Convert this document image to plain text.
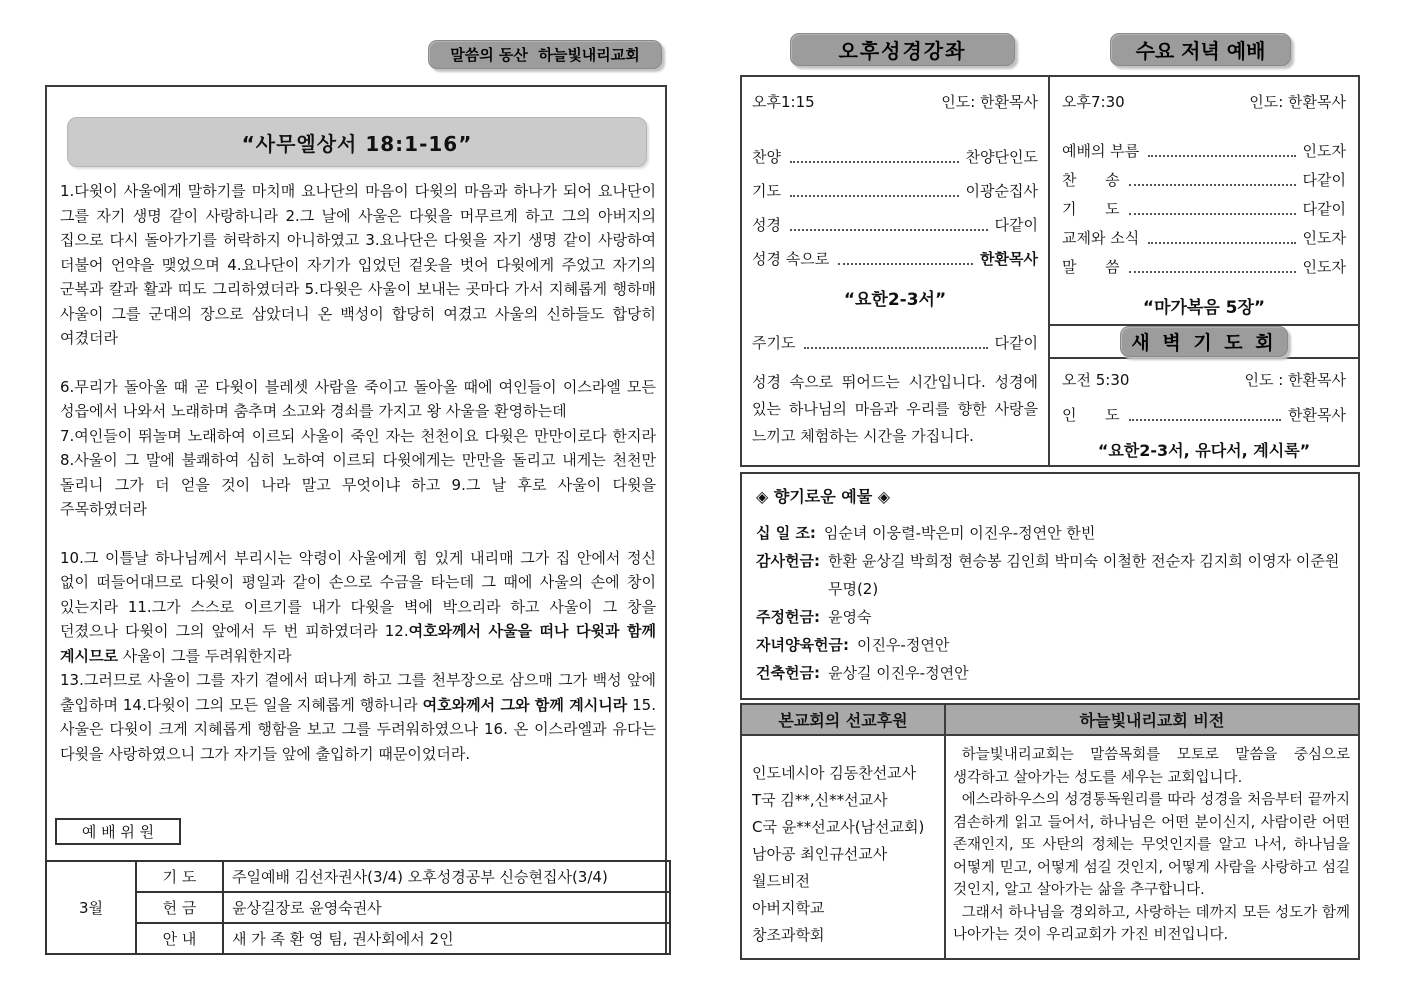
말씀의 동산  하늘빛내리교회
“사무엘상서 18:1-16”

1.다윗이 사울에게 말하기를 마치매 요나단의 마음이 다윗의 마음과 하나가 되어 요나단이 그를 자기 생명 같이 사랑하니라 2.그 날에 사울은 다윗을 머무르게 하고 그의 아버지의 집으로 다시 돌아가기를 허락하지 아니하였고 3.요나단은 다윗을 자기 생명 같이 사랑하여 더불어 언약을 맺었으며 4.요나단이 자기가 입었던 겉옷을 벗어 다윗에게 주었고 자기의 군복과 칼과 활과 띠도 그리하였더라 5.다윗은 사울이 보내는 곳마다 가서 지혜롭게 행하매 사울이 그를 군대의 장으로 삼았더니 온 백성이 합당히 여겼고 사울의 신하들도 합당히 여겼더라

6.무리가 돌아올 때 곧 다윗이 블레셋 사람을 죽이고 돌아올 때에 여인들이 이스라엘 모든 성읍에서 나와서 노래하며 춤추며 소고와 경쇠를 가지고 왕 사울을 환영하는데

7.여인들이 뛰놀며 노래하여 이르되 사울이 죽인 자는 천천이요 다윗은 만만이로다 한지라 8.사울이 그 말에 불쾌하여 심히 노하여 이르되 다윗에게는 만만을 돌리고 내게는 천천만 돌리니 그가 더 얻을 것이 나라 말고 무엇이냐 하고 9.그 날 후로 사울이 다윗을 주목하였더라

10.그 이틀날 하나님께서 부리시는 악령이 사울에게 힘 있게 내리매 그가 집 안에서 정신 없이 떠들어대므로 다윗이 평일과 같이 손으로 수금을 타는데 그 때에 사울의 손에 창이 있는지라 11.그가 스스로 이르기를 내가 다윗을 벽에 박으리라 하고 사울이 그 창을 던졌으나 다윗이 그의 앞에서 두 번 피하였더라 12.여호와께서 사울을 떠나 다윗과 함께 계시므로 사울이 그를 두려워한지라

13.그러므로 사울이 그를 자기 곁에서 떠나게 하고 그를 천부장으로 삼으매 그가 백성 앞에 출입하며 14.다윗이 그의 모든 일을 지혜롭게 행하니라 여호와께서 그와 함께 계시니라 15.사울은 다윗이 크게 지혜롭게 행함을 보고 그를 두려워하였으나 16. 온 이스라엘과 유다는 다윗을 사랑하였으니 그가 자기들 앞에 출입하기 때문이었더라.

예 배 위 원
3월	기 도	주일예배 김선자권사(3/4) 오후성경공부 신승현집사(3/4)
	헌 금	윤상길장로 윤영숙권사
	안 내	새 가 족 환 영 팀, 권사회에서 2인
오후성경강좌	수요 저녁 예배
오후1:15	인도: 한환목사
찬양	찬양단인도
기도	이광순집사
성경	다같이
성경 속으로	한환목사
“요한2-3서”
주기도	다같이
성경 속으로 뛰어드는 시간입니다. 성경에 있는 하나님의 마음과 우리를 향한 사랑을 느끼고 체험하는 시간을 가집니다.
오후7:30	인도: 한환목사
예배의 부름	인도자
찬      송	다같이
기      도	다같이
교제와 소식	인도자
말      씀	인도자
“마가복음 5장”
새 벽 기 도 회
오전 5:30	인도 : 한환목사
인      도	한환목사
“요한2-3서, 유다서, 계시록”
◈ 향기로운 예물 ◈
십 일 조: 임순녀 이웅렬-박은미 이진우-정연안 한빈
감사헌금: 한환 윤상길 박희정 현승봉 김인희 박미숙 이철한 전순자 김지희 이영자 이준원 무명(2)
주정헌금: 윤영숙
자녀양육헌금: 이진우-정연안
건축헌금: 윤상길 이진우-정연안
본교회의 선교후원	하늘빛내리교회 비전
인도네시아 김동찬선교사
T국 김**,신**선교사
C국 윤**선교사(남선교회)
남아공 최인규선교사
월드비전
아버지학교
창조과학회
하늘빛내리교회는 말씀목회를 모토로 말씀을 중심으로 생각하고 살아가는 성도를 세우는 교회입니다.
에스라하우스의 성경통독원리를 따라 성경을 처음부터 끝까지 겸손하게 읽고 들어서, 하나님은 어떤 분이신지, 사람이란 어떤 존재인지, 또 사탄의 정체는 무엇인지를 알고 나서, 하나님을 어떻게 믿고, 어떻게 섬길 것인지, 어떻게 사람을 사랑하고 섬길 것인지, 알고 살아가는 삶을 추구합니다.
그래서 하나님을 경외하고, 사랑하는 데까지 모든 성도가 함께 나아가는 것이 우리교회가 가진 비전입니다.
